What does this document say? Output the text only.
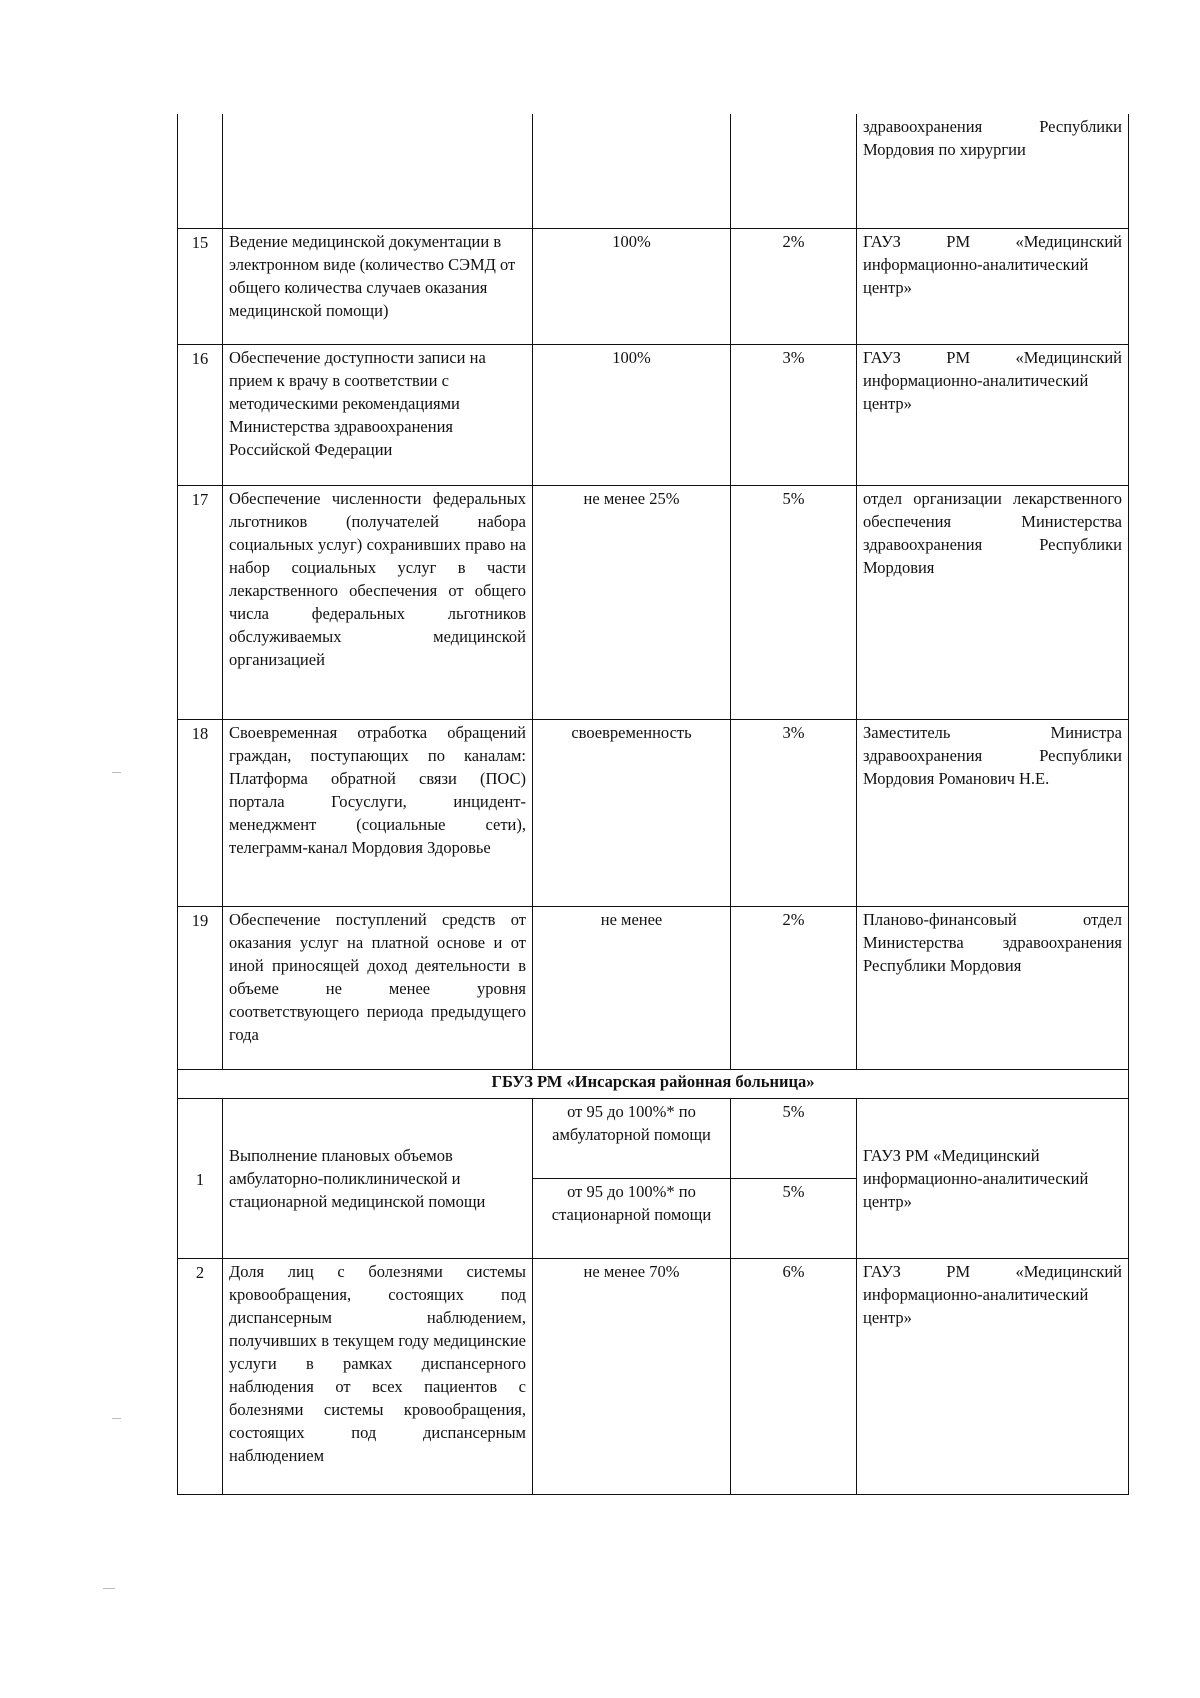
				здравоохранения Республики Мордовия по хирургии
15	Ведение медицинской документации в электронном виде (количество СЭМД от общего количества случаев оказания медицинской помощи)	100%	2%	ГАУЗ РМ «Медицинский информационно-аналитический центр»
16	Обеспечение доступности записи на прием к врачу в соответствии с методическими рекомендациями Министерства здравоохранения Российской Федерации	100%	3%	ГАУЗ РМ «Медицинский информационно-аналитический центр»
17	Обеспечение численности федеральных льготников (получателей набора социальных услуг) сохранивших право на набор социальных услуг в части лекарственного обеспечения от общего числа федеральных льготников обслуживаемых медицинской организацией	не менее 25%	5%	отдел организации лекарственного обеспечения Министерства здравоохранения Республики Мордовия
18	Своевременная отработка обращений граждан, поступающих по каналам: Платформа обратной связи (ПОС) портала Госуслуги, инцидент-менеджмент (социальные сети), телеграмм-канал Мордовия Здоровье	своевременность	3%	Заместитель Министра здравоохранения Республики Мордовия Романович Н.Е.
19	Обеспечение поступлений средств от оказания услуг на платной основе и от иной приносящей доход деятельности в объеме не менее уровня соответствующего периода предыдущего года	не менее	2%	Планово-финансовый отдел Министерства здравоохранения Республики Мордовия
ГБУЗ РМ «Инсарская районная больница»				
1	Выполнение плановых объемов амбулаторно-поликлинической и стационарной медицинской помощи	от 95 до 100%* по амбулаторной помощи	5%	ГАУЗ РМ «Медицинский информационно-аналитический центр»
		от 95 до 100%* по стационарной помощи	5%	
2	Доля лиц с болезнями системы кровообращения, состоящих под диспансерным наблюдением, получивших в текущем году медицинские услуги в рамках диспансерного наблюдения от всех пациентов с болезнями системы кровообращения, состоящих под диспансерным наблюдением	не менее 70%	6%	ГАУЗ РМ «Медицинский информационно-аналитический центр»
